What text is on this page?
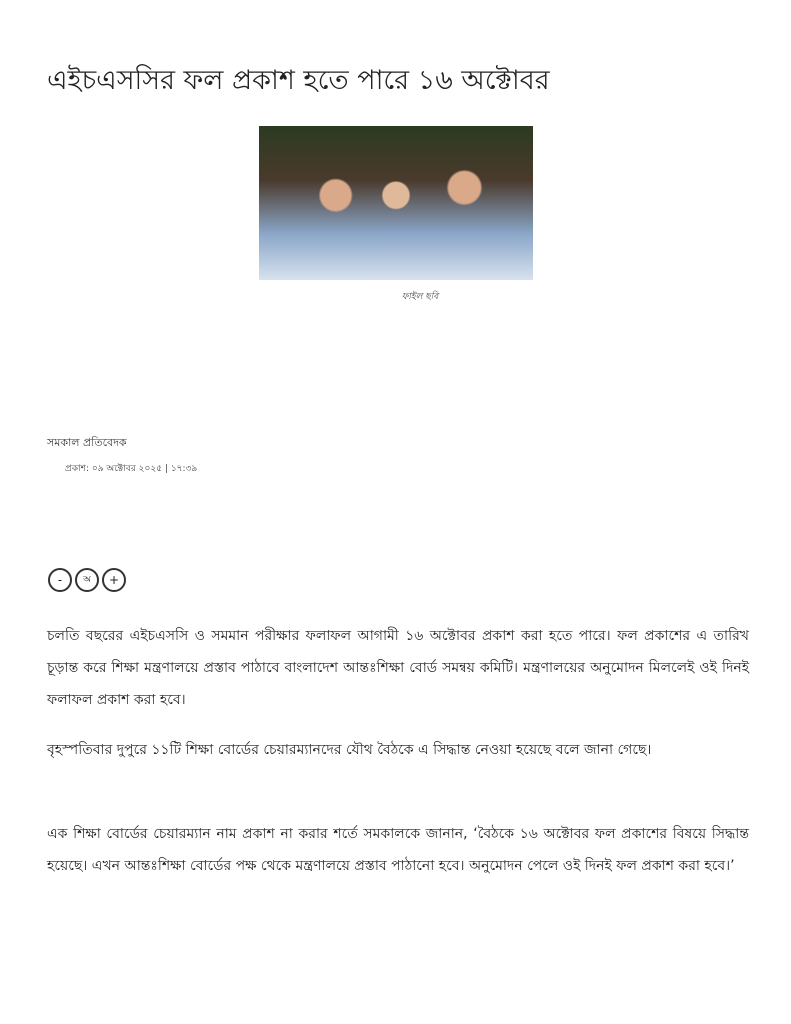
এইচএসসির ফল প্রকাশ হতে পারে ১৬ অক্টোবর
ফাইল ছবি
সমকাল প্রতিবেদক
প্রকাশ: ০৯ অক্টোবর ২০২৫ | ১৭:৩৯
-	অ	+

চলতি বছরের এইচএসসি ও সমমান পরীক্ষার ফলাফল আগামী ১৬ অক্টোবর প্রকাশ করা হতে পারে। ফল প্রকাশের এ তারিখ চূড়ান্ত করে শিক্ষা মন্ত্রণালয়ে প্রস্তাব পাঠাবে বাংলাদেশ আন্তঃশিক্ষা বোর্ড সমন্বয় কমিটি। মন্ত্রণালয়ের অনুমোদন মিললেই ওই দিনই ফলাফল প্রকাশ করা হবে।

বৃহস্পতিবার দুপুরে ১১টি শিক্ষা বোর্ডের চেয়ারম্যানদের যৌথ বৈঠকে এ সিদ্ধান্ত নেওয়া হয়েছে বলে জানা গেছে।

এক শিক্ষা বোর্ডের চেয়ারম্যান নাম প্রকাশ না করার শর্তে সমকালকে জানান, ‘বৈঠকে ১৬ অক্টোবর ফল প্রকাশের বিষয়ে সিদ্ধান্ত হয়েছে। এখন আন্তঃশিক্ষা বোর্ডের পক্ষ থেকে মন্ত্রণালয়ে প্রস্তাব পাঠানো হবে। অনুমোদন পেলে ওই দিনই ফল প্রকাশ করা হবে।’
